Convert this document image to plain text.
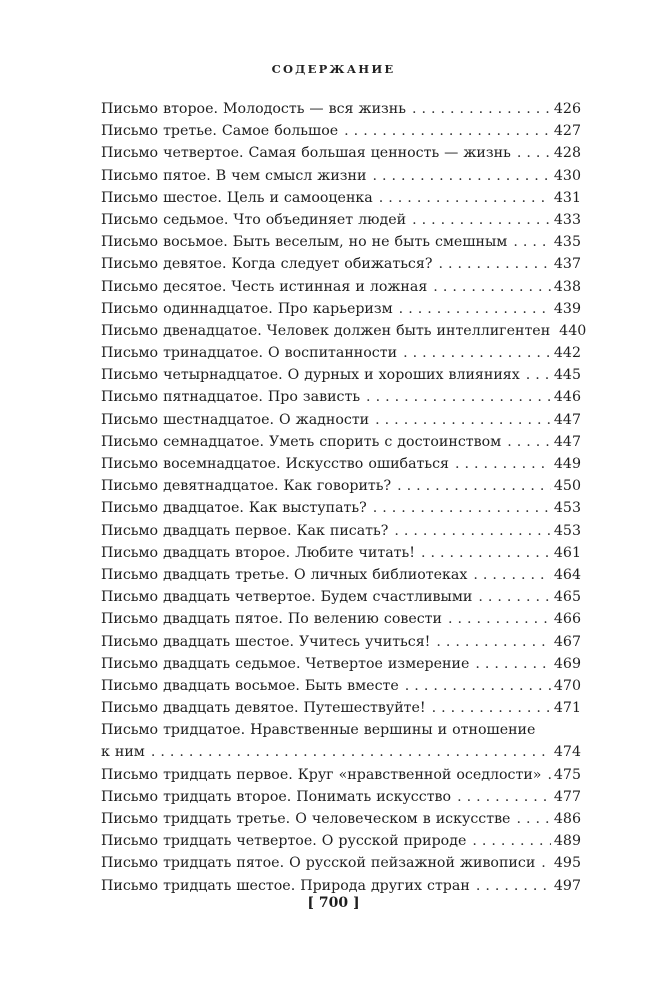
СОДЕРЖАНИЕ
Письмо второе. Молодость — вся жизнь . . .	426
Письмо третье. Самое большое . . .	427
Письмо четвертое. Самая большая ценность — жизнь . . .	428
Письмо пятое. В чем смысл жизни . . .	430
Письмо шестое. Цель и самооценка . . .	431
Письмо седьмое. Что объединяет людей . . .	433
Письмо восьмое. Быть веселым, но не быть смешным . . .	435
Письмо девятое. Когда следует обижаться? . . .	437
Письмо десятое. Честь истинная и ложная . . .	438
Письмо одиннадцатое. Про карьеризм . . .	439
Письмо двенадцатое. Человек должен быть интеллигентен 440
Письмо тринадцатое. О воспитанности . . .	442
Письмо четырнадцатое. О дурных и хороших влияниях . . . 445
Письмо пятнадцатое. Про зависть . . .	446
Письмо шестнадцатое. О жадности . . .	447
Письмо семнадцатое. Уметь спорить с достоинством . . .	447
Письмо восемнадцатое. Искусство ошибаться . . .	449
Письмо девятнадцатое. Как говорить? . . .	450
Письмо двадцатое. Как выступать? . . .	453
Письмо двадцать первое. Как писать? . . .	453
Письмо двадцать второе. Любите читать! . . .	461
Письмо двадцать третье. О личных библиотеках . . .	464
Письмо двадцать четвертое. Будем счастливыми . . .	465
Письмо двадцать пятое. По велению совести . . .	466
Письмо двадцать шестое. Учитесь учиться! . . .	467
Письмо двадцать седьмое. Четвертое измерение . . .	469
Письмо двадцать восьмое. Быть вместе . . .	470
Письмо двадцать девятое. Путешествуйте! . . .	471
Письмо тридцатое. Нравственные вершины и отношение
к ним . . .	474
Письмо тридцать первое. Круг «нравственной оседлости» . . . 475
Письмо тридцать второе. Понимать искусство . . .	477
Письмо тридцать третье. О человеческом в искусстве . . .	486
Письмо тридцать четвертое. О русской природе . . .	489
Письмо тридцать пятое. О русской пейзажной живописи . . . 495
Письмо тридцать шестое. Природа других стран . . .	497
[ 700 ]
